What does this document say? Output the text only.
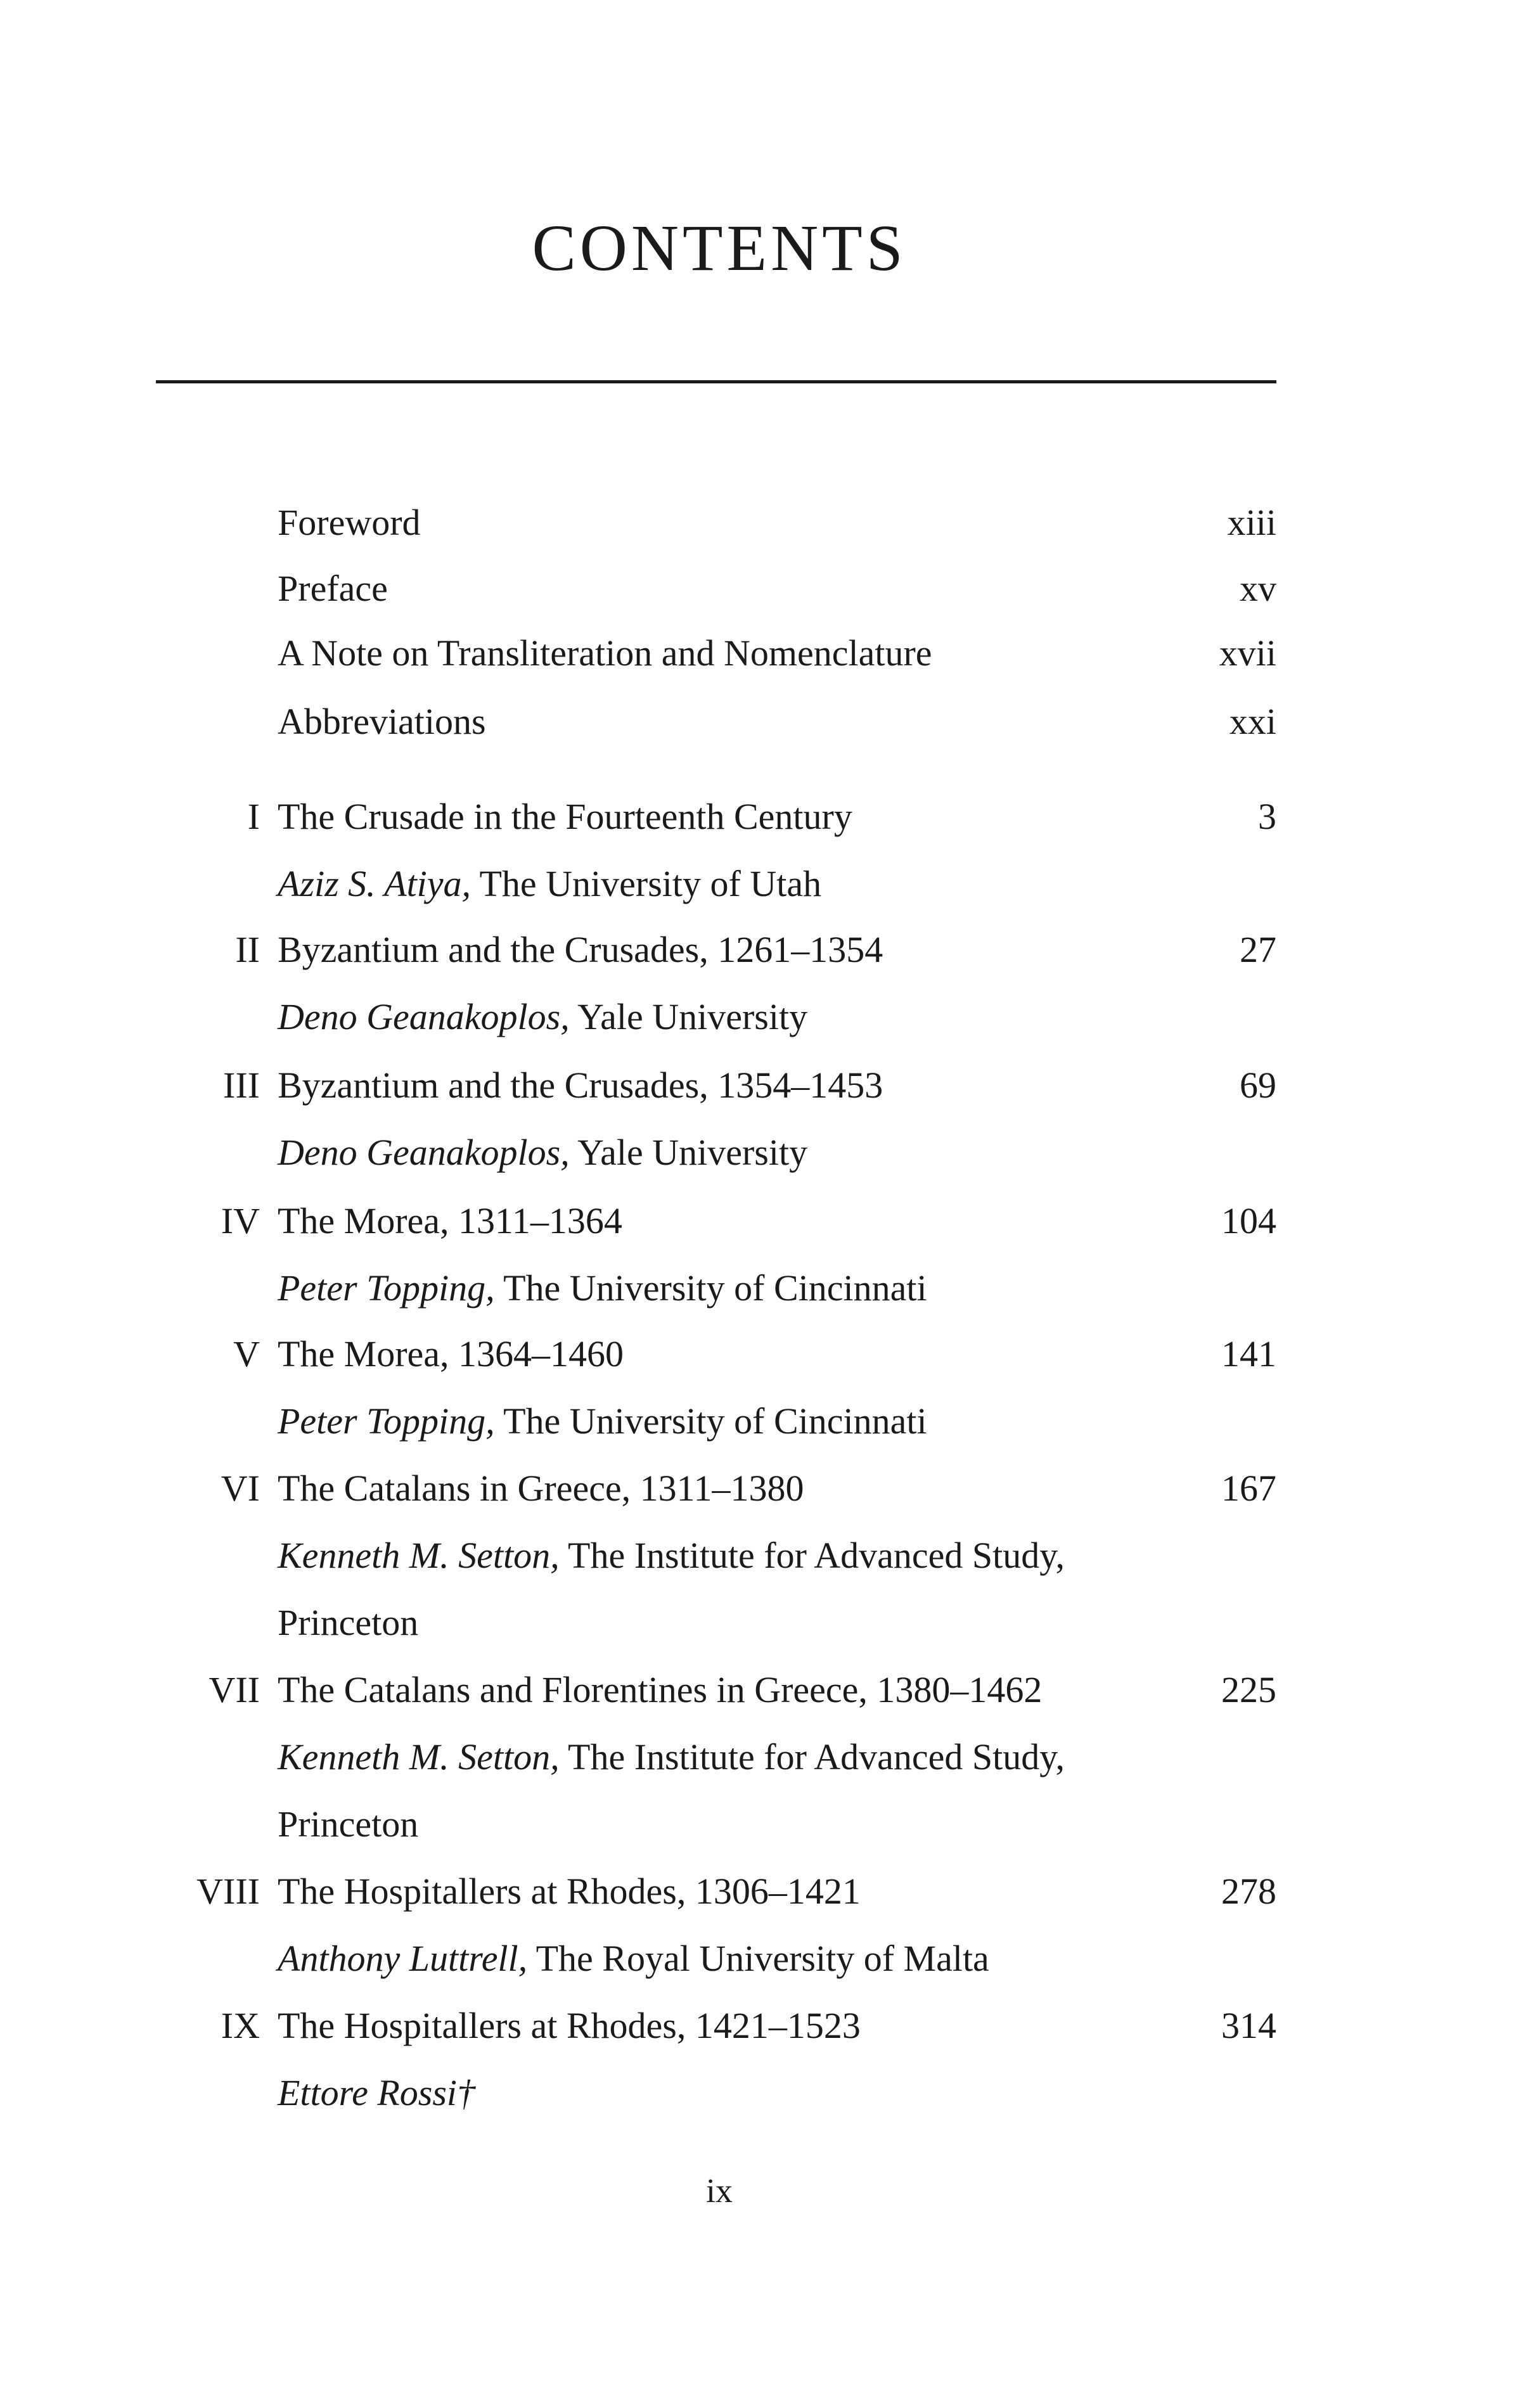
CONTENTS
Foreword	xiii
Preface	xv
A Note on Transliteration and Nomenclature	xvii
Abbreviations	xxi
I The Crusade in the Fourteenth Century	3
Aziz S. Atiya, The University of Utah
II Byzantium and the Crusades, 1261–1354	27
Deno Geanakoplos, Yale University
III Byzantium and the Crusades, 1354–1453	69
Deno Geanakoplos, Yale University
IV The Morea, 1311–1364	104
Peter Topping, The University of Cincinnati
V The Morea, 1364–1460	141
Peter Topping, The University of Cincinnati
VI The Catalans in Greece, 1311–1380	167
Kenneth M. Setton, The Institute for Advanced Study,
Princeton
VII The Catalans and Florentines in Greece, 1380–1462	225
Kenneth M. Setton, The Institute for Advanced Study,
Princeton
VIII The Hospitallers at Rhodes, 1306–1421	278
Anthony Luttrell, The Royal University of Malta
IX The Hospitallers at Rhodes, 1421–1523	314
Ettore Rossi†
ix
